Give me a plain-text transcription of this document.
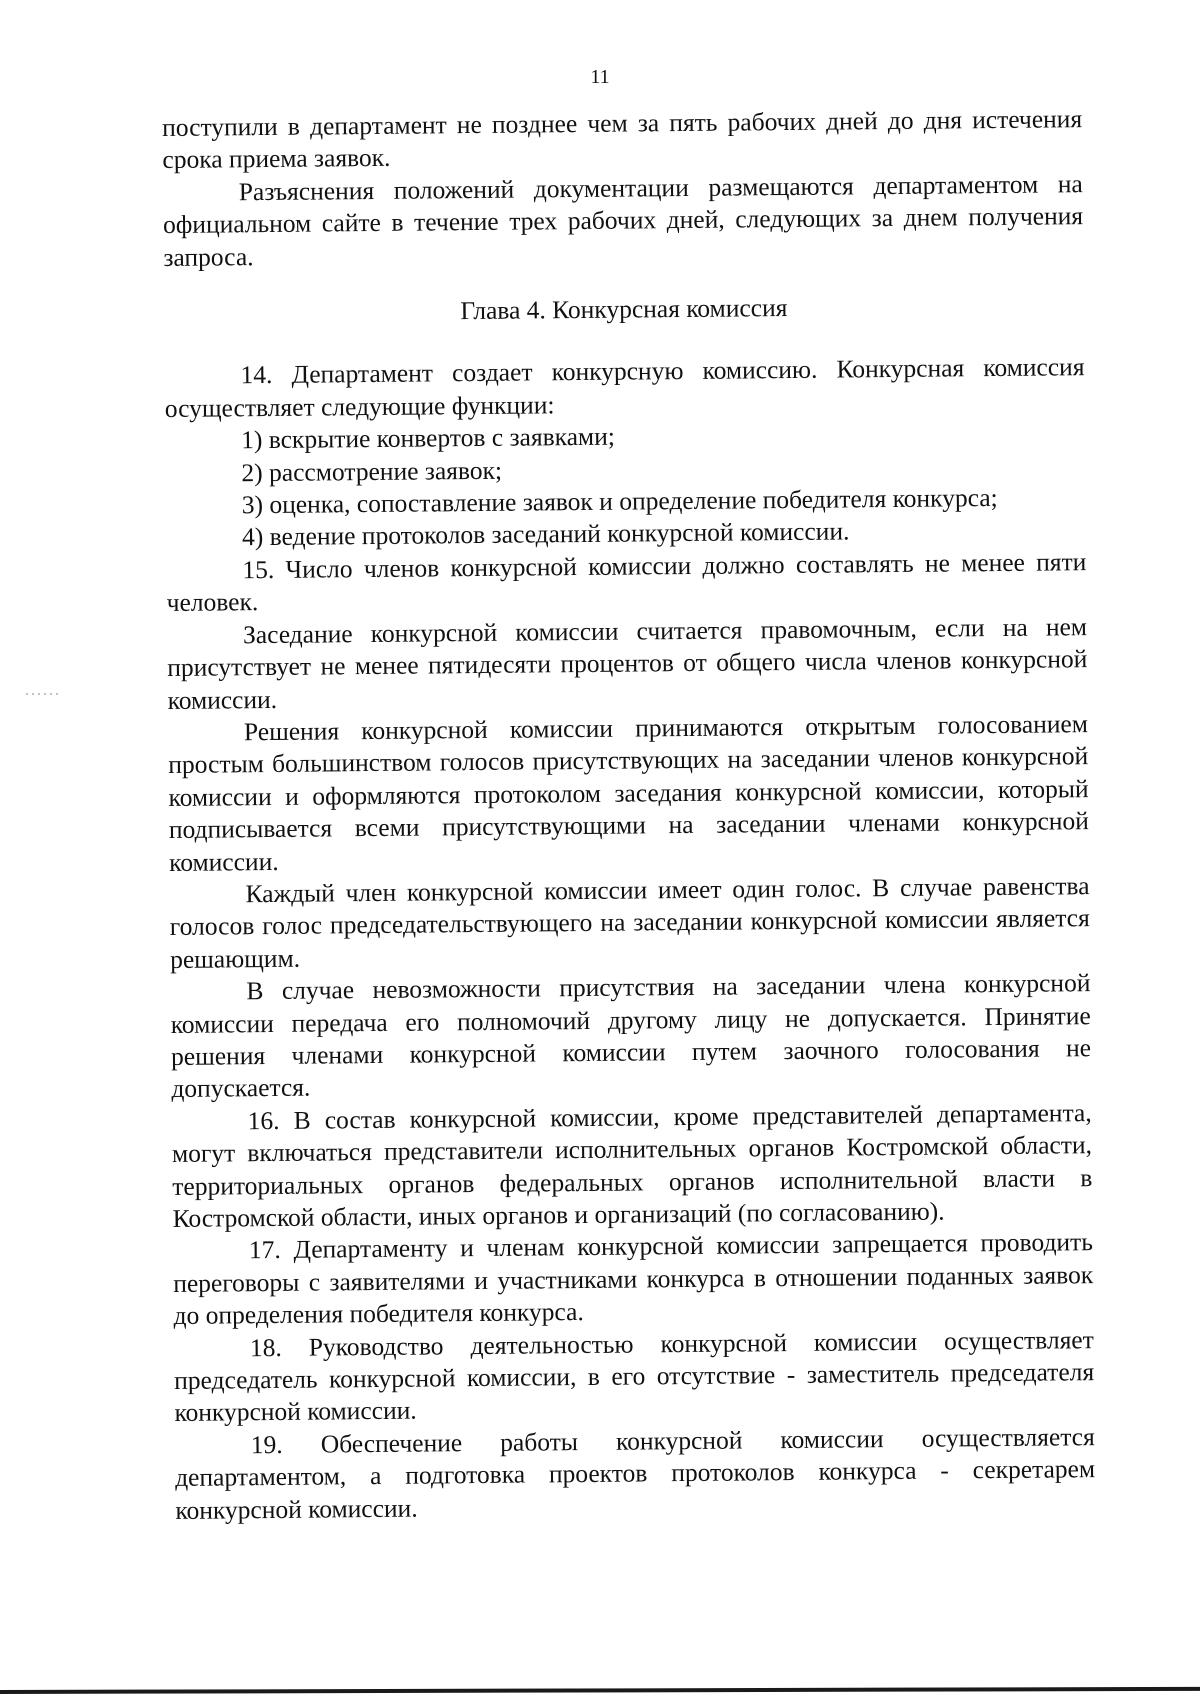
11

поступили в департамент не позднее чем за пять рабочих дней до дня истечения срока приема заявок.

Разъяснения положений документации размещаются департаментом на официальном сайте в течение трех рабочих дней, следующих за днем получения запроса.

Глава 4. Конкурсная комиссия

14. Департамент создает конкурсную комиссию. Конкурсная комиссия осуществляет следующие функции:

1) вскрытие конвертов с заявками;

2) рассмотрение заявок;

3) оценка, сопоставление заявок и определение победителя конкурса;

4) ведение протоколов заседаний конкурсной комиссии.

15. Число членов конкурсной комиссии должно составлять не менее пяти человек.

Заседание конкурсной комиссии считается правомочным, если на нем присутствует не менее пятидесяти процентов от общего числа членов конкурсной комиссии.

Решения конкурсной комиссии принимаются открытым голосованием простым большинством голосов присутствующих на заседании членов конкурсной комиссии и оформляются протоколом заседания конкурсной комиссии, который подписывается всеми присутствующими на заседании членами конкурсной комиссии.

Каждый член конкурсной комиссии имеет один голос. В случае равенства голосов голос председательствующего на заседании конкурсной комиссии является решающим.

В случае невозможности присутствия на заседании члена конкурсной комиссии передача его полномочий другому лицу не допускается. Принятие решения членами конкурсной комиссии путем заочного голосования не допускается.

16. В состав конкурсной комиссии, кроме представителей департамента, могут включаться представители исполнительных органов Костромской области, территориальных органов федеральных органов исполнительной власти в Костромской области, иных органов и организаций (по согласованию).

17. Департаменту и членам конкурсной комиссии запрещается проводить переговоры с заявителями и участниками конкурса в отношении поданных заявок до определения победителя конкурса.

18. Руководство деятельностью конкурсной комиссии осуществляет председатель конкурсной комиссии, в его отсутствие - заместитель председателя конкурсной комиссии.

19. Обеспечение работы конкурсной комиссии осуществляется департаментом, а подготовка проектов протоколов конкурса - секретарем конкурсной комиссии.
